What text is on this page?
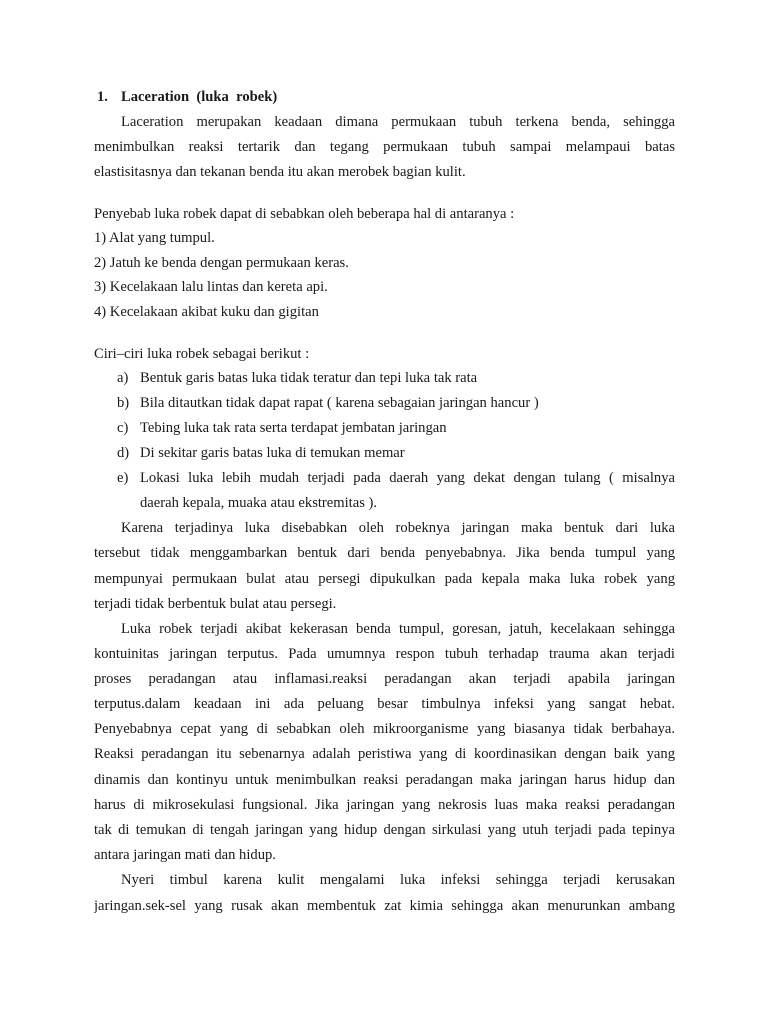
1. Laceration  (luka  robek)
Laceration merupakan keadaan dimana permukaan tubuh terkena benda, sehingga
menimbulkan reaksi tertarik dan tegang permukaan tubuh sampai melampaui batas
elastisitasnya dan tekanan benda itu akan merobek bagian kulit.
Penyebab luka robek dapat di sebabkan oleh beberapa hal di antaranya :
1) Alat yang tumpul.
2) Jatuh ke benda dengan permukaan keras.
3) Kecelakaan lalu lintas dan kereta api.
4) Kecelakaan akibat kuku dan gigitan
Ciri–ciri luka robek sebagai berikut :
a) Bentuk garis batas luka tidak teratur dan tepi luka tak rata
b) Bila ditautkan tidak dapat rapat ( karena sebagaian jaringan hancur )
c) Tebing luka tak rata serta terdapat jembatan jaringan
d) Di sekitar garis batas luka di temukan memar
e) Lokasi luka lebih mudah terjadi pada daerah yang dekat dengan tulang ( misalnya
daerah kepala, muaka atau ekstremitas ).
Karena terjadinya luka disebabkan oleh robeknya jaringan maka bentuk dari luka
tersebut tidak menggambarkan bentuk dari benda penyebabnya. Jika benda tumpul yang
mempunyai permukaan bulat atau persegi dipukulkan pada kepala maka luka robek yang
terjadi tidak berbentuk bulat atau persegi.
Luka robek terjadi akibat kekerasan benda tumpul, goresan, jatuh, kecelakaan sehingga
kontuinitas jaringan terputus. Pada umumnya respon tubuh terhadap trauma akan terjadi
proses peradangan atau inflamasi.reaksi peradangan akan terjadi apabila jaringan
terputus.dalam keadaan ini ada peluang besar timbulnya infeksi yang sangat hebat.
Penyebabnya cepat yang di sebabkan oleh mikroorganisme yang biasanya tidak berbahaya.
Reaksi peradangan itu sebenarnya adalah peristiwa yang di koordinasikan dengan baik yang
dinamis dan kontinyu untuk menimbulkan reaksi peradangan maka jaringan harus hidup dan
harus di mikrosekulasi fungsional. Jika jaringan yang nekrosis luas maka reaksi peradangan
tak di temukan di tengah jaringan yang hidup dengan sirkulasi yang utuh terjadi pada tepinya
antara jaringan mati dan hidup.
Nyeri timbul karena kulit mengalami luka infeksi sehingga terjadi kerusakan
jaringan.sek-sel yang rusak akan membentuk zat kimia sehingga akan menurunkan ambang
